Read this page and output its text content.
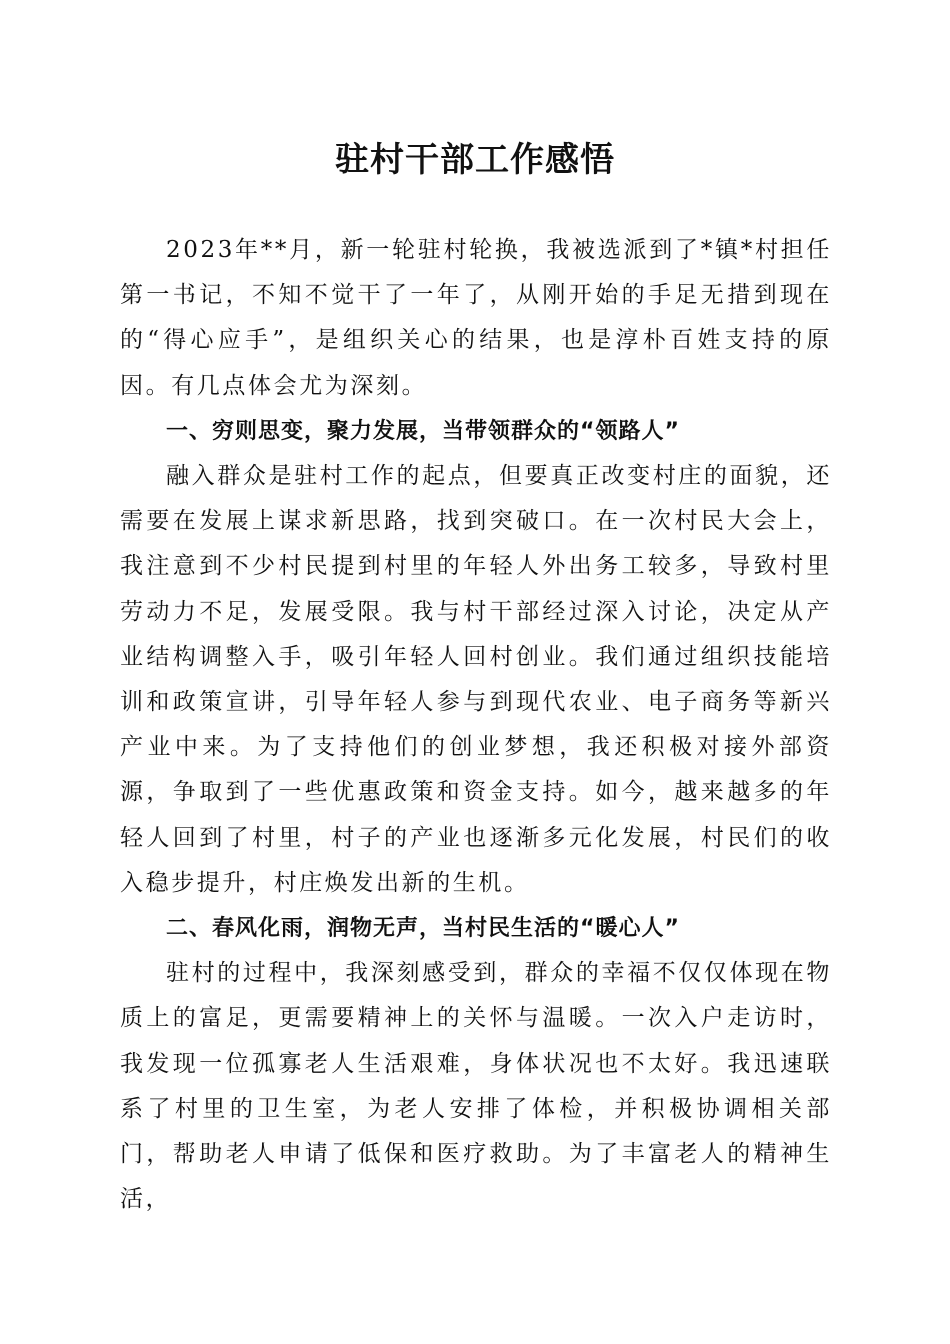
驻村干部工作感悟

2023年**月，新一轮驻村轮换，我被选派到了*镇*村担任第一书记，不知不觉干了一年了，从刚开始的手足无措到现在的“得心应手”，是组织关心的结果，也是淳朴百姓支持的原因。有几点体会尤为深刻。

一、穷则思变，聚力发展，当带领群众的“领路人”

融入群众是驻村工作的起点，但要真正改变村庄的面貌，还需要在发展上谋求新思路，找到突破口。在一次村民大会上，我注意到不少村民提到村里的年轻人外出务工较多，导致村里劳动力不足，发展受限。我与村干部经过深入讨论，决定从产业结构调整入手，吸引年轻人回村创业。我们通过组织技能培训和政策宣讲，引导年轻人参与到现代农业、电子商务等新兴产业中来。为了支持他们的创业梦想，我还积极对接外部资源，争取到了一些优惠政策和资金支持。如今，越来越多的年轻人回到了村里，村子的产业也逐渐多元化发展，村民们的收入稳步提升，村庄焕发出新的生机。

二、春风化雨，润物无声，当村民生活的“暖心人”

驻村的过程中，我深刻感受到，群众的幸福不仅仅体现在物质上的富足，更需要精神上的关怀与温暖。一次入户走访时，我发现一位孤寡老人生活艰难，身体状况也不太好。我迅速联系了村里的卫生室，为老人安排了体检，并积极协调相关部门，帮助老人申请了低保和医疗救助。为了丰富老人的精神生活，
